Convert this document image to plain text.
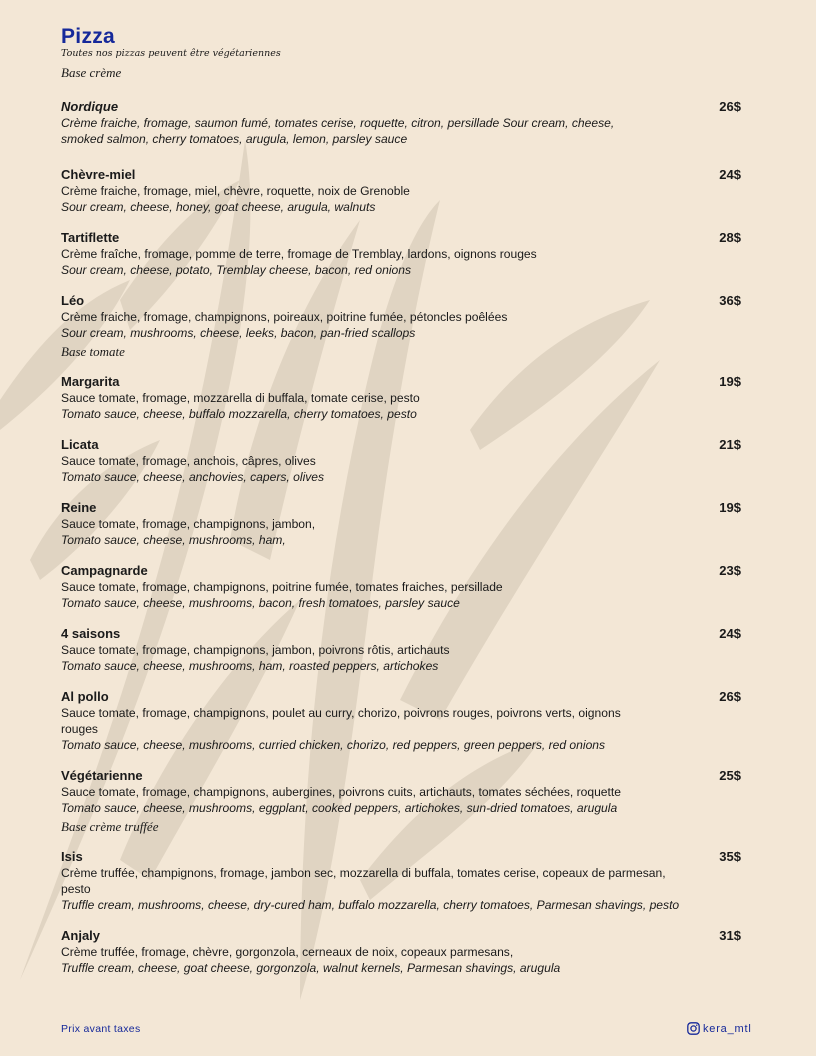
Pizza
Toutes nos pizzas peuvent être végétariennes
Base crème
Nordique	26$
Crème fraiche, fromage, saumon fumé, tomates cerise, roquette, citron, persillade Sour cream, cheese, smoked salmon, cherry tomatoes, arugula, lemon, parsley sauce
Chèvre-miel	24$
Crème fraiche, fromage, miel, chèvre, roquette, noix de Grenoble
Sour cream, cheese, honey, goat cheese, arugula, walnuts
Tartiflette	28$
Crème fraîche, fromage, pomme de terre, fromage de Tremblay, lardons, oignons rouges
Sour cream, cheese, potato, Tremblay cheese, bacon, red onions
Léo	36$
Crème fraiche, fromage, champignons, poireaux, poitrine fumée, pétoncles poêlées
Sour cream, mushrooms, cheese, leeks, bacon, pan-fried scallops
Base tomate
Margarita	19$
Sauce tomate, fromage, mozzarella di buffala, tomate cerise, pesto
Tomato sauce, cheese, buffalo mozzarella, cherry tomatoes, pesto
Licata	21$
Sauce tomate, fromage, anchois, câpres, olives
Tomato sauce, cheese, anchovies, capers, olives
Reine	19$
Sauce tomate, fromage, champignons, jambon,
Tomato sauce, cheese, mushrooms, ham,
Campagnarde	23$
Sauce tomate, fromage, champignons, poitrine fumée, tomates fraiches, persillade
Tomato sauce, cheese, mushrooms, bacon, fresh tomatoes, parsley sauce
4 saisons	24$
Sauce tomate, fromage, champignons, jambon, poivrons rôtis, artichauts
Tomato sauce, cheese, mushrooms, ham, roasted peppers, artichokes
Al pollo	26$
Sauce tomate, fromage, champignons, poulet au curry, chorizo, poivrons rouges, poivrons verts, oignons rouges
Tomato sauce, cheese, mushrooms, curried chicken, chorizo, red peppers, green peppers, red onions
Végétarienne	25$
Sauce tomate, fromage, champignons, aubergines, poivrons cuits, artichauts, tomates séchées, roquette
Tomato sauce, cheese, mushrooms, eggplant, cooked peppers, artichokes, sun-dried tomatoes, arugula
Base crème truffée
Isis	35$
Crème truffée, champignons, fromage, jambon sec, mozzarella di buffala, tomates cerise, copeaux de parmesan, pesto
Truffle cream, mushrooms, cheese, dry-cured ham, buffalo mozzarella, cherry tomatoes, Parmesan shavings, pesto
Anjaly	31$
Crème truffée, fromage, chèvre, gorgonzola, cerneaux de noix, copeaux parmesans,
Truffle cream, cheese, goat cheese, gorgonzola, walnut kernels, Parmesan shavings, arugula
Prix avant taxes	kera_mtl
